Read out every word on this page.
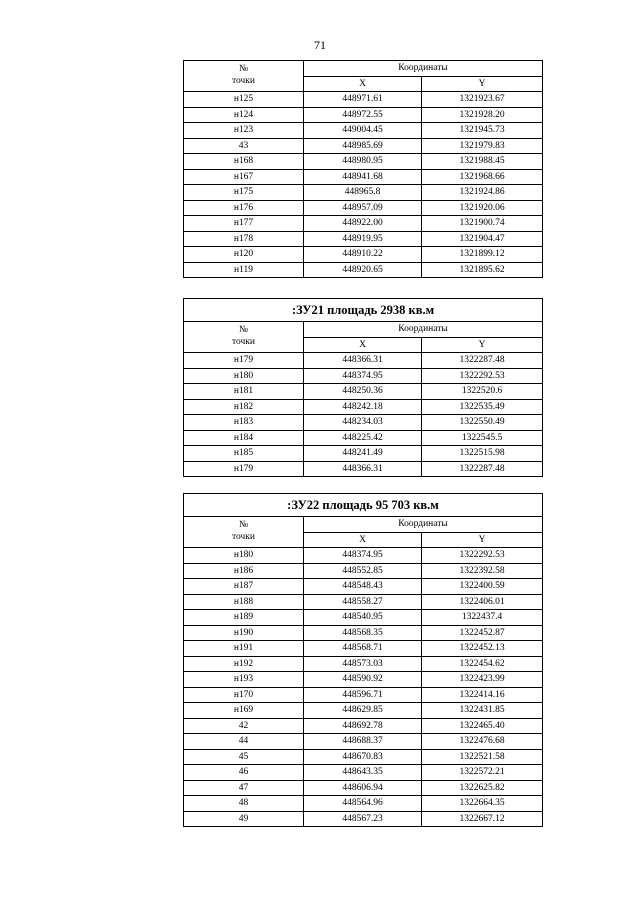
71
№
точки	Координаты	
	X	Y
н125	448971.61	1321923.67
н124	448972.55	1321928.20
н123	449004.45	1321945.73
43	448985.69	1321979.83
н168	448980.95	1321988.45
н167	448941.68	1321968.66
н175	448965.8	1321924.86
н176	448957.09	1321920.06
н177	448922.00	1321900.74
н178	448919.95	1321904.47
н120	448910.22	1321899.12
н119	448920.65	1321895.62
:ЗУ21 площадь 2938 кв.м		

№
точки	Координаты	
	X	Y
н179	448366.31	1322287.48
н180	448374.95	1322292.53
н181	448250.36	1322520.6
н182	448242.18	1322535.49
н183	448234.03	1322550.49
н184	448225.42	1322545.5
н185	448241.49	1322515.98
н179	448366.31	1322287.48
:ЗУ22 площадь 95 703 кв.м		

№
точки	Координаты	
	X	Y
н180	448374.95	1322292.53
н186	448552.85	1322392.58
н187	448548.43	1322400.59
н188	448558.27	1322406.01
н189	448540.95	1322437.4
н190	448568.35	1322452.87
н191	448568.71	1322452.13
н192	448573.03	1322454.62
н193	448590.92	1322423.99
н170	448596.71	1322414.16
н169	448629.85	1322431.85
42	448692.78	1322465.40
44	448688.37	1322476.68
45	448670.83	1322521.58
46	448643.35	1322572.21
47	448606.94	1322625.82
48	448564.96	1322664.35
49	448567.23	1322667.12
